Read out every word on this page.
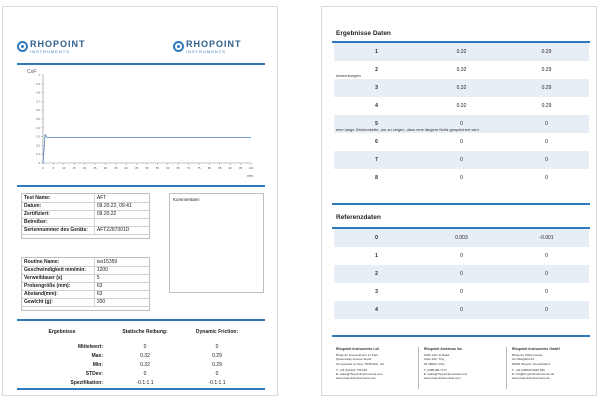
RHOPOINT
INSTRUMENTS
RHOPOINT
INSTRUMENTS
CoF
mm
0
0.1
0.2
0.3
0.4
0.5
0.6
0.7
0.8
0.9
1
0	5	10	15	20	25	30	35	40	45	50	55	60	65	70	75	80	85	90	95 100
Test Name:	AFT
Datum:	09.20.22, 09:41
Zertifiziert:	09.20.22
Betreiber:	
Seriennummer des Geräts:	AFT2287001D
Kommentare:
Routine Name:	iso15359
Geschwindigkeit mm/min:	1200
Verweildauer (s)	5
Probengröße (mm):	63
Abstand(mm):	63
Gewicht (g):	200
Ergebnisse	Statische Reibung:	Dynamic Friction:
Mittelwert:	0	0
Max:	0.32	0.29
Min:	0.32	0.29
STDev:	0	0
Spezifikation:	-0.1:1.1	-0.1:1.1
Ergebnisse Daten
1	0.32	0.29
2	0.32	0.29
3	0.32	0.29
4	0.32	0.29
5	0	0
6	0	0
7	0	0
8	0	0
Anmerkungen
eine lange Zeichenkette, um zu zeigen, dass eine längere Notiz gespeichert wird
Referenzdaten
0	0.003	-0.001
1	0	0
2	0	0
3	0	0
4	0	0
Rhopoint Instruments Ltd
Rhopoint House Enviro 21 Park,
Queensway Avenue South,
St Leonards on Sea, TN38 9AG, UK
T: +44 (0)1424 739 622
E: sales@rhopointinstruments.com
www.rhopointinstruments.com
Rhopoint Americas Inc.
1000 John R Road,
Suite 209, Troy,
MI 48083, USA
T: (248)495-7171
E: sales@rhopointamericas.com
www.rhopointamericas.com
Rhopoint Instruments GmbH
Rhopoint Office Center,
Am Weiglfeld 24,
83629 Weyarn, Deutschland
T: +49 (0)8020 9044 669
E: info@rhopointinstruments.de
www.rhopointinstruments.de
